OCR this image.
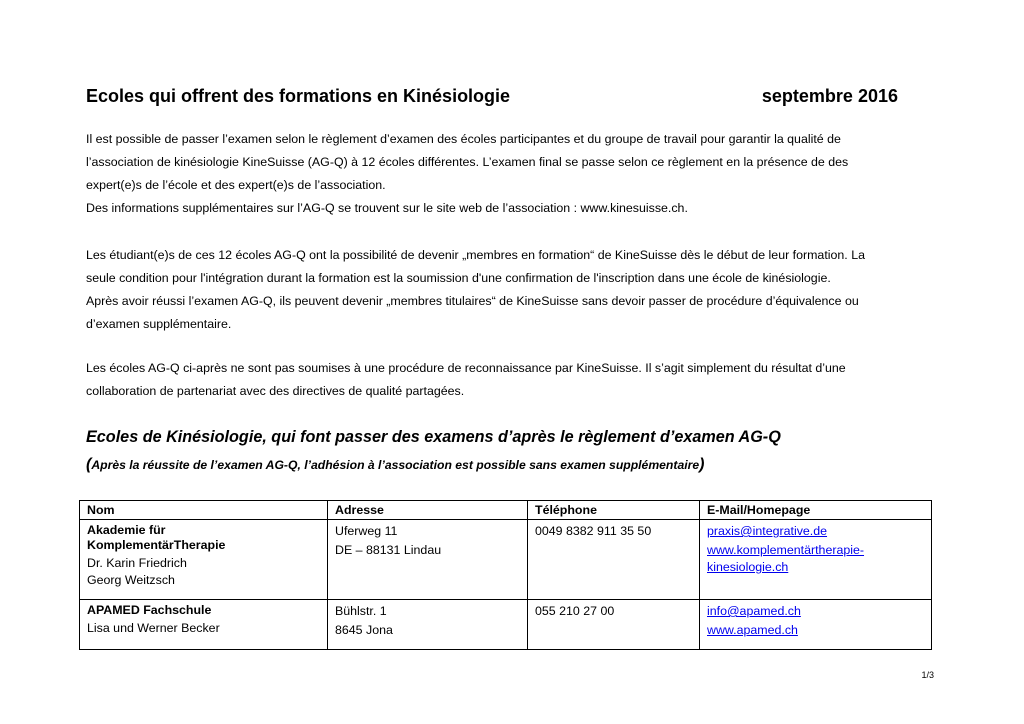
Ecoles qui offrent des formations en Kinésiologie	septembre 2016

Il est possible de passer l’examen selon le règlement d’examen des écoles participantes et du groupe de travail pour garantir la qualité de
l’association de kinésiologie KineSuisse (AG-Q) à 12 écoles différentes. L’examen final se passe selon ce règlement en la présence de des
expert(e)s de l’école et des expert(e)s de l’association.
Des informations supplémentaires sur l’AG-Q se trouvent sur le site web de l’association : www.kinesuisse.ch.

Les étudiant(e)s de ces 12 écoles AG-Q ont la possibilité de devenir „membres en formation“ de KineSuisse dès le début de leur formation. La
seule condition pour l'intégration durant la formation est la soumission d'une confirmation de l'inscription dans une école de kinésiologie.
Après avoir réussi l’examen AG-Q, ils peuvent devenir „membres titulaires“ de KineSuisse sans devoir passer de procédure d’équivalence ou
d’examen supplémentaire.

Les écoles AG-Q ci-après ne sont pas soumises à une procédure de reconnaissance par KineSuisse. Il s’agit simplement du résultat d’une
collaboration de partenariat avec des directives de qualité partagées.

Ecoles de Kinésiologie, qui font passer des examens d’après le règlement d’examen AG-Q
(Après la réussite de l’examen AG-Q, l’adhésion à l’association est possible sans examen supplémentaire)
Nom	Adresse	Téléphone	E-Mail/Homepage

Akademie für
KomplementärTherapie
Dr. Karin Friedrich
Georg Weitzsch	Uferweg 11
DE – 88131 Lindau	0049 8382 911 35 50	praxis@integrative.de
www.komplementärtherapie-
kinesiologie.ch

APAMED Fachschule
Lisa und Werner Becker	Bühlstr. 1
8645 Jona	055 210 27 00	info@apamed.ch
www.apamed.ch
1/3
